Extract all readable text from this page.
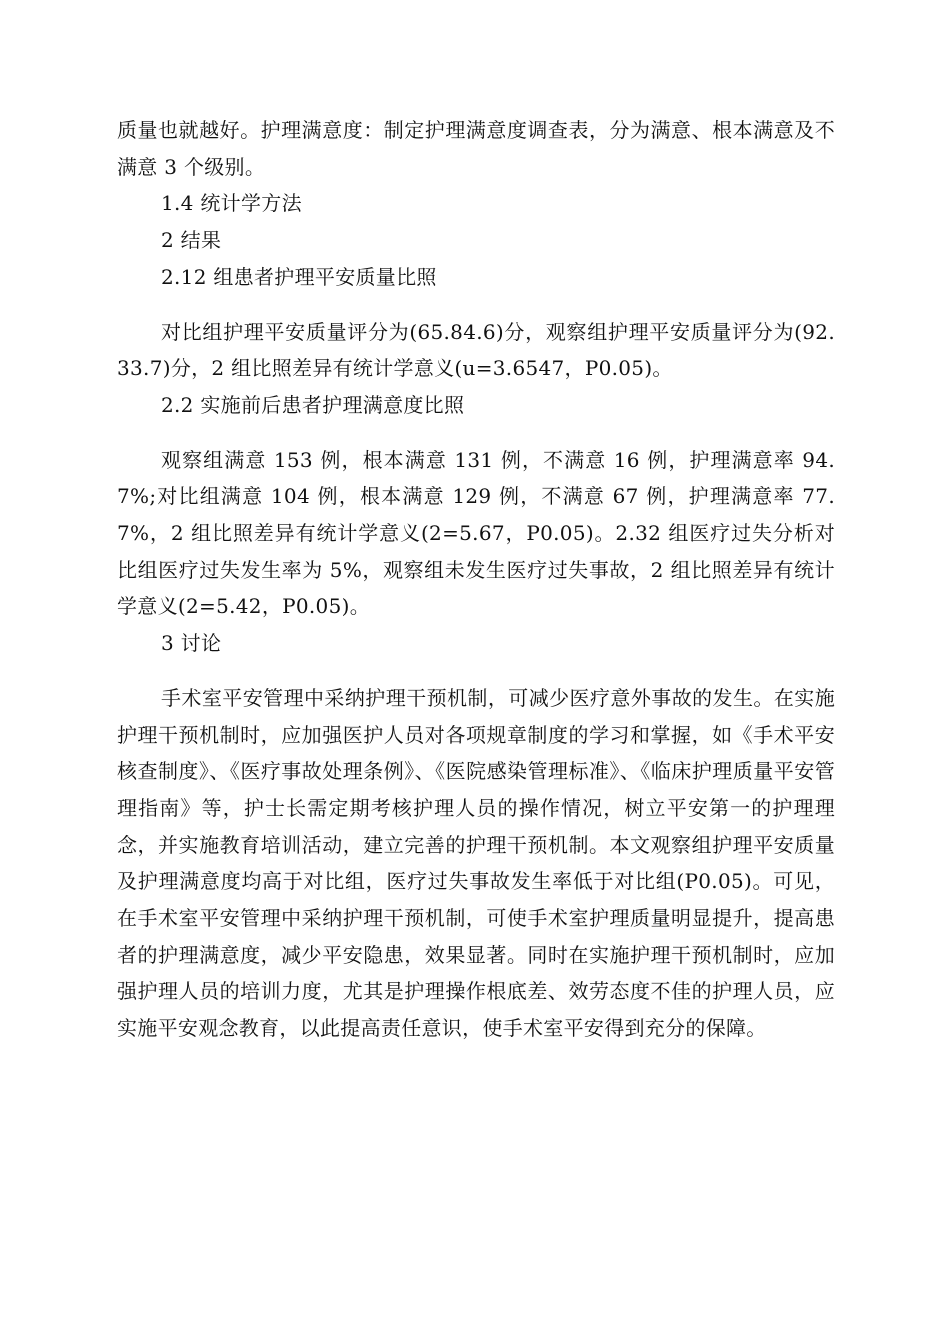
质量也就越好。护理满意度：制定护理满意度调查表，分为满意、根本满意及不满意 3 个级别。

1.4 统计学方法

2 结果

2.12 组患者护理平安质量比照

对比组护理平安质量评分为(65.84.6)分，观察组护理平安质量评分为(92.33.7)分，2 组比照差异有统计学意义(u=3.6547，P0.05)。

2.2 实施前后患者护理满意度比照

观察组满意 153 例，根本满意 131 例，不满意 16 例，护理满意率 94.7%;对比组满意 104 例，根本满意 129 例，不满意 67 例，护理满意率 77.7%，2 组比照差异有统计学意义(2=5.67，P0.05)。2.32 组医疗过失分析对比组医疗过失发生率为 5%，观察组未发生医疗过失事故，2 组比照差异有统计学意义(2=5.42，P0.05)。

3 讨论

手术室平安管理中采纳护理干预机制，可减少医疗意外事故的发生。在实施护理干预机制时，应加强医护人员对各项规章制度的学习和掌握，如《手术平安核查制度》、《医疗事故处理条例》、《医院感染管理标准》、《临床护理质量平安管理指南》等，护士长需定期考核护理人员的操作情况，树立平安第一的护理理念，并实施教育培训活动，建立完善的护理干预机制。本文观察组护理平安质量及护理满意度均高于对比组，医疗过失事故发生率低于对比组(P0.05)。可见，在手术室平安管理中采纳护理干预机制，可使手术室护理质量明显提升，提高患者的护理满意度，减少平安隐患，效果显著。同时在实施护理干预机制时，应加强护理人员的培训力度，尤其是护理操作根底差、效劳态度不佳的护理人员，应实施平安观念教育，以此提高责任意识，使手术室平安得到充分的保障。
